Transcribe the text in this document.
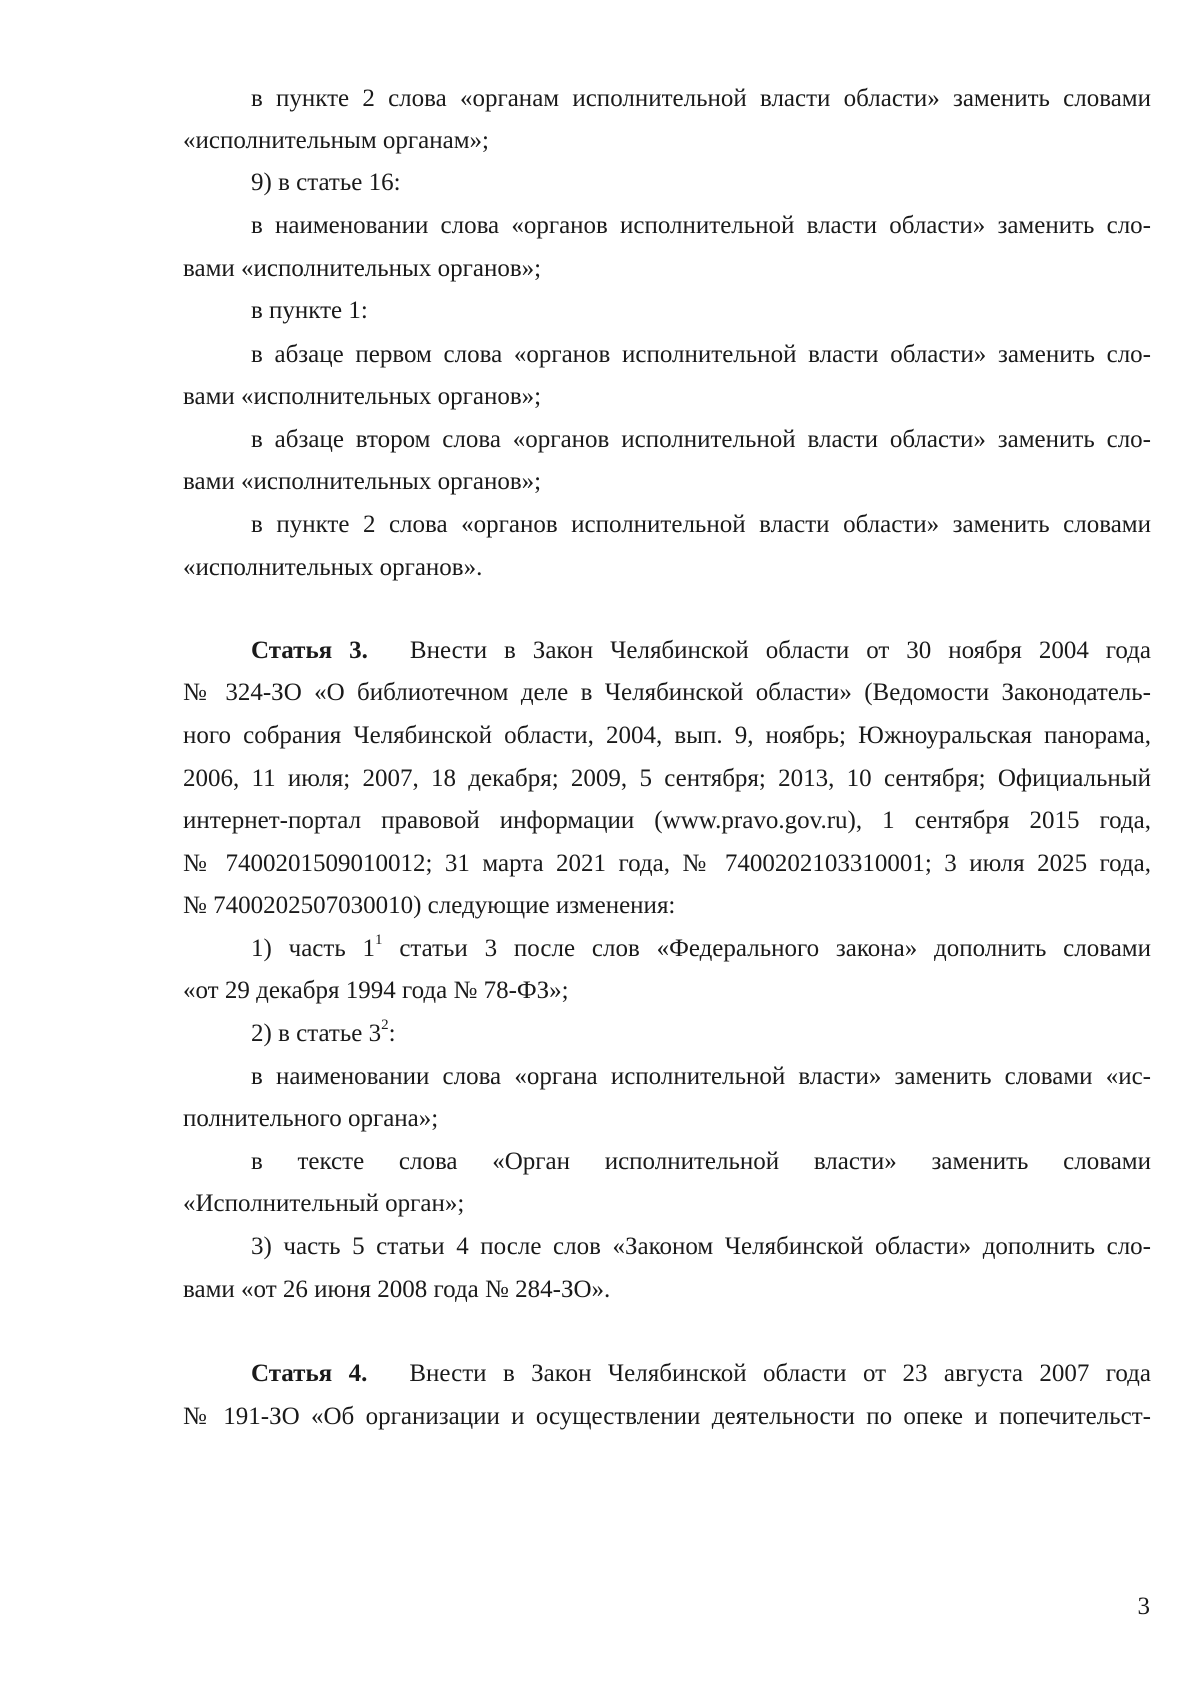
в пункте 2 слова «органам исполнительной власти области» заменить словами
«исполнительным органам»;
9) в статье 16:
в наименовании слова «органов исполнительной власти области» заменить сло-
вами «исполнительных органов»;
в пункте 1:
в абзаце первом слова «органов исполнительной власти области» заменить сло-
вами «исполнительных органов»;
в абзаце втором слова «органов исполнительной власти области» заменить сло-
вами «исполнительных органов»;
в пункте 2 слова «органов исполнительной власти области» заменить словами
«исполнительных органов».
Статья 3. Внести в Закон Челябинской области от 30 ноября 2004 года
№ 324-ЗО «О библиотечном деле в Челябинской области» (Ведомости Законодатель-
ного собрания Челябинской области, 2004, вып. 9, ноябрь; Южноуральская панорама,
2006, 11 июля; 2007, 18 декабря; 2009, 5 сентября; 2013, 10 сентября; Официальный
интернет-портал правовой информации (www.pravo.gov.ru), 1 сентября 2015 года,
№ 7400201509010012; 31 марта 2021 года, № 7400202103310001; 3 июля 2025 года,
№ 7400202507030010) следующие изменения:
1) часть $1^1$ статьи 3 после слов «Федерального закона» дополнить словами
«от 29 декабря 1994 года № 78-ФЗ»;
2) в статье $3^2$:
в наименовании слова «органа исполнительной власти» заменить словами «ис-
полнительного органа»;
в тексте слова «Орган исполнительной власти» заменить словами
«Исполнительный орган»;
3) часть 5 статьи 4 после слов «Законом Челябинской области» дополнить сло-
вами «от 26 июня 2008 года № 284-ЗО».
Статья 4. Внести в Закон Челябинской области от 23 августа 2007 года
№ 191-ЗО «Об организации и осуществлении деятельности по опеке и попечительст-
3
